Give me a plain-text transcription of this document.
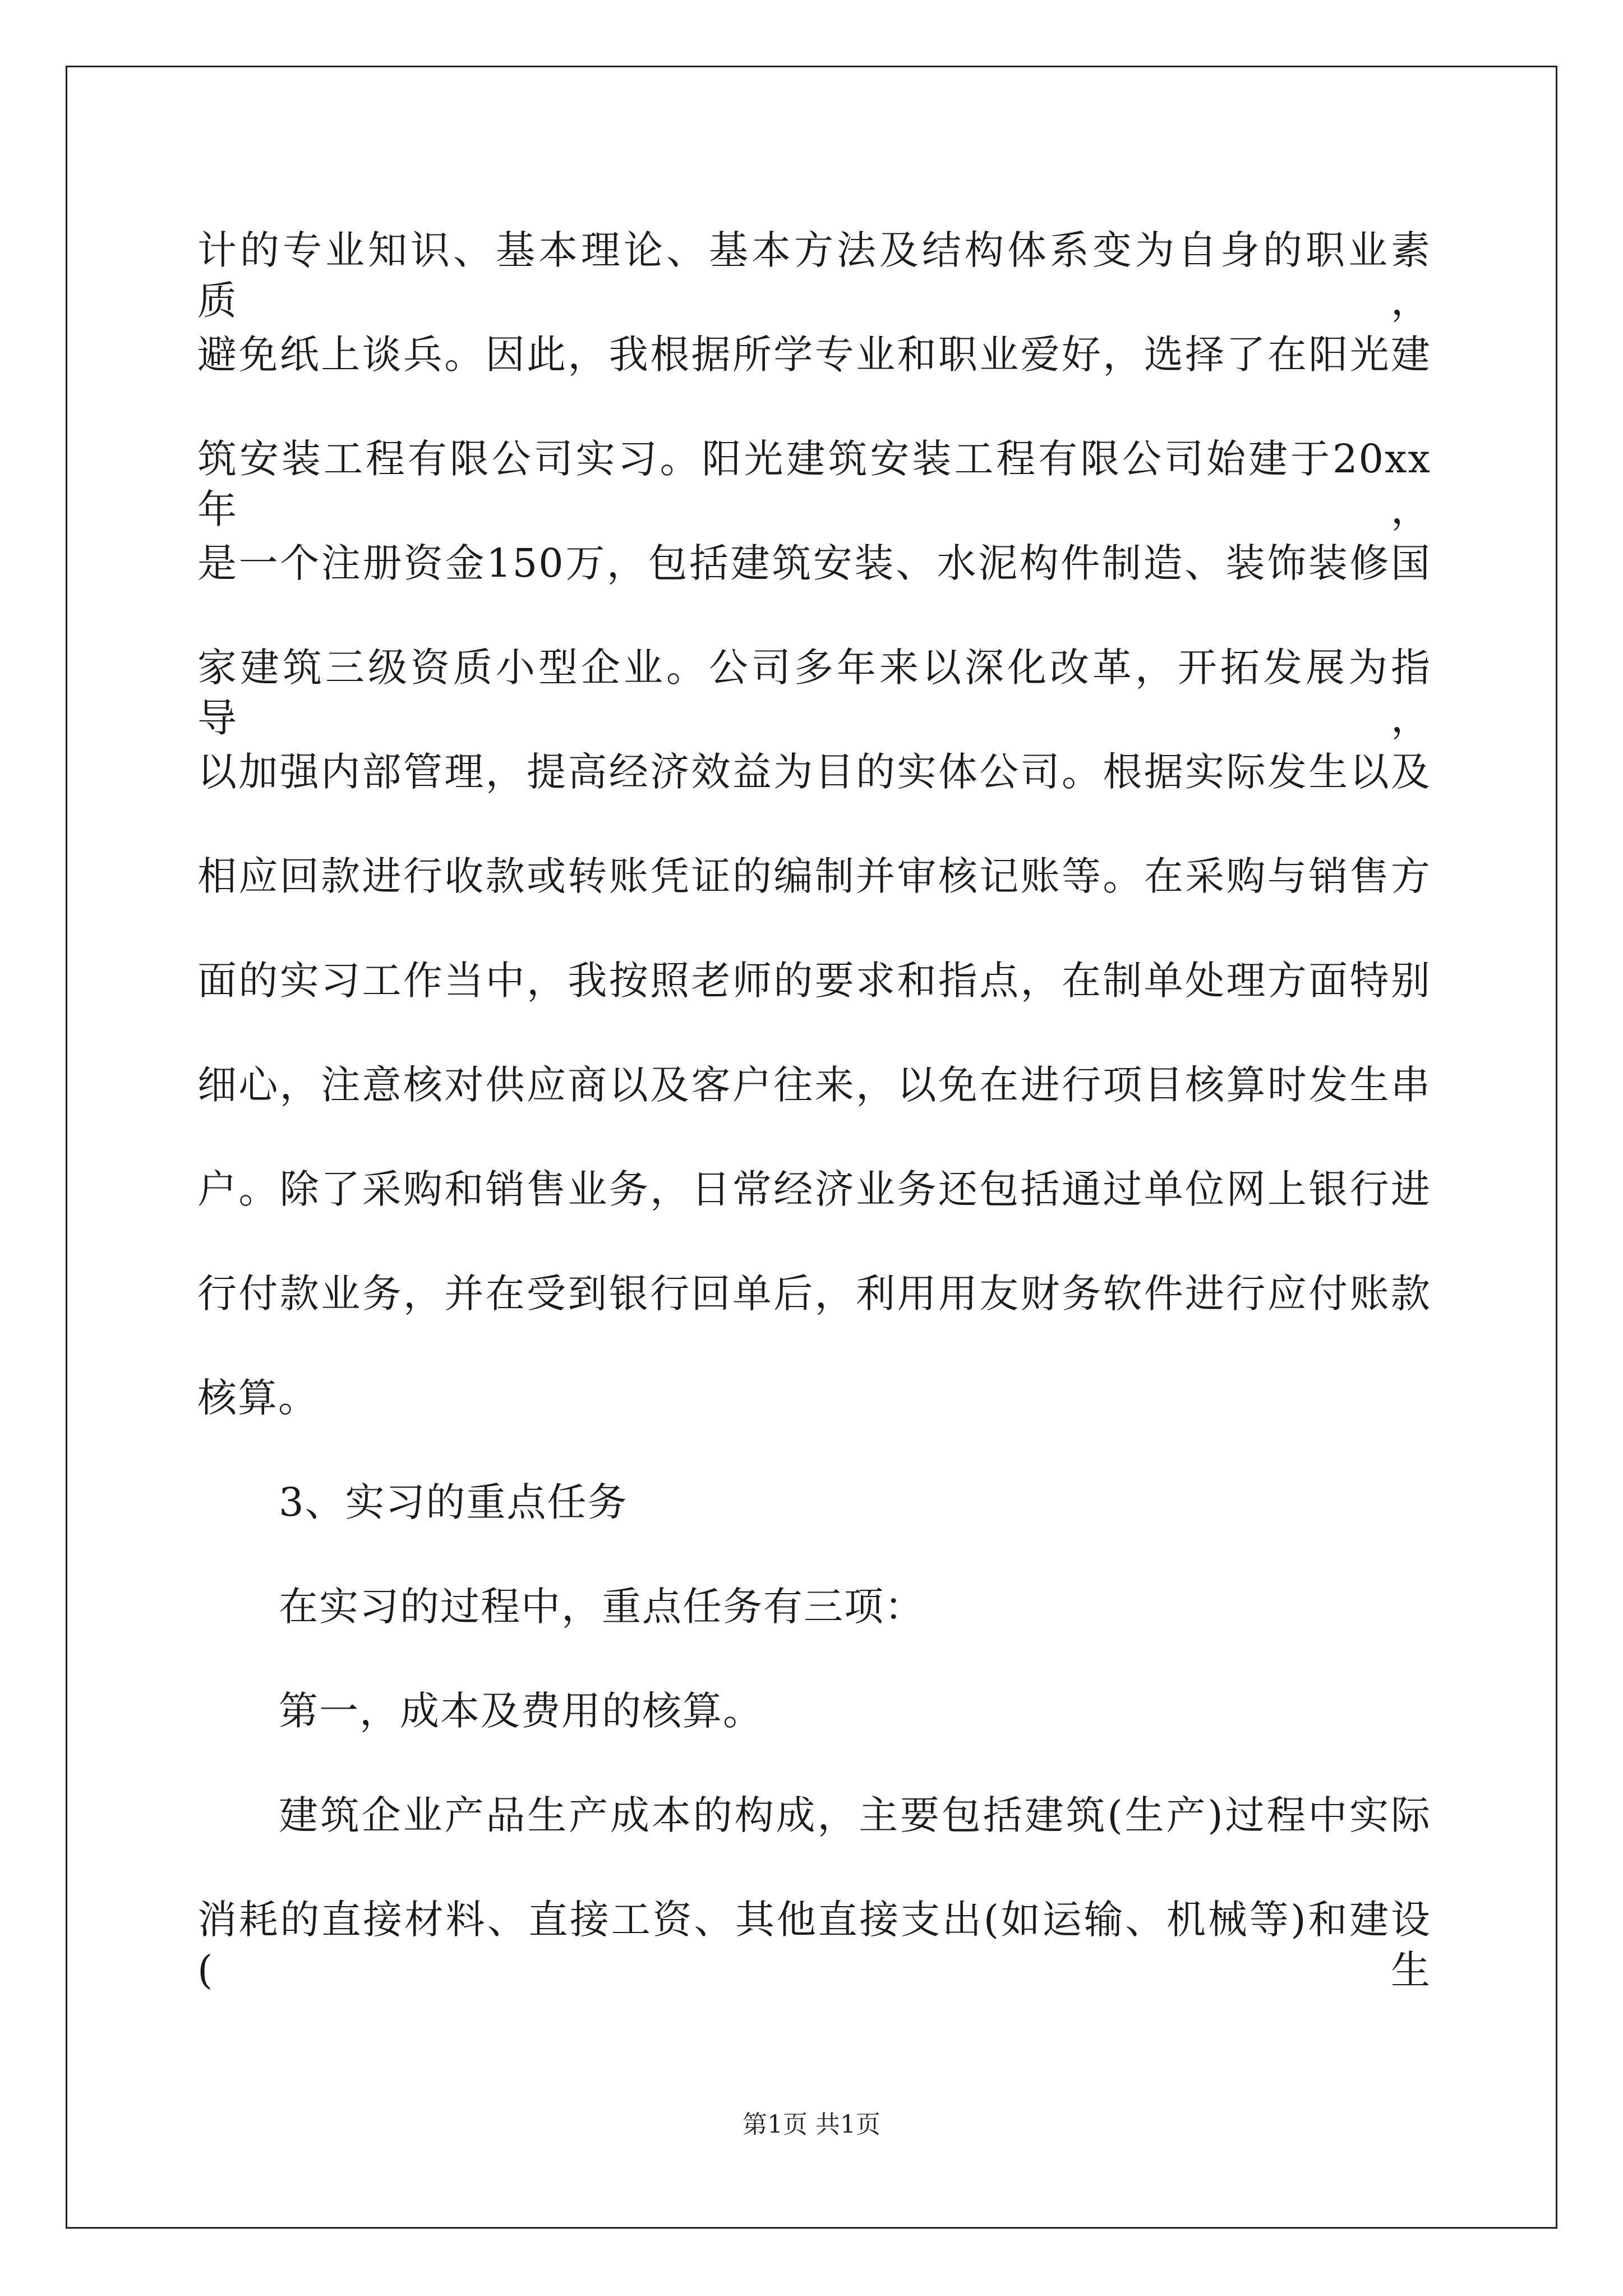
计的专业知识、基本理论、基本方法及结构体系变为自身的职业素质，
避免纸上谈兵。因此，我根据所学专业和职业爱好，选择了在阳光建
筑安装工程有限公司实习。阳光建筑安装工程有限公司始建于20xx年，
是一个注册资金150万，包括建筑安装、水泥构件制造、装饰装修国
家建筑三级资质小型企业。公司多年来以深化改革，开拓发展为指导，
以加强内部管理，提高经济效益为目的实体公司。根据实际发生以及
相应回款进行收款或转账凭证的编制并审核记账等。在采购与销售方
面的实习工作当中，我按照老师的要求和指点，在制单处理方面特别
细心，注意核对供应商以及客户往来，以免在进行项目核算时发生串
户。除了采购和销售业务，日常经济业务还包括通过单位网上银行进
行付款业务，并在受到银行回单后，利用用友财务软件进行应付账款
核算。
3、实习的重点任务
在实习的过程中，重点任务有三项：
第一，成本及费用的核算。
建筑企业产品生产成本的构成，主要包括建筑(生产)过程中实际
消耗的直接材料、直接工资、其他直接支出(如运输、机械等)和建设(生
第1页 共1页
